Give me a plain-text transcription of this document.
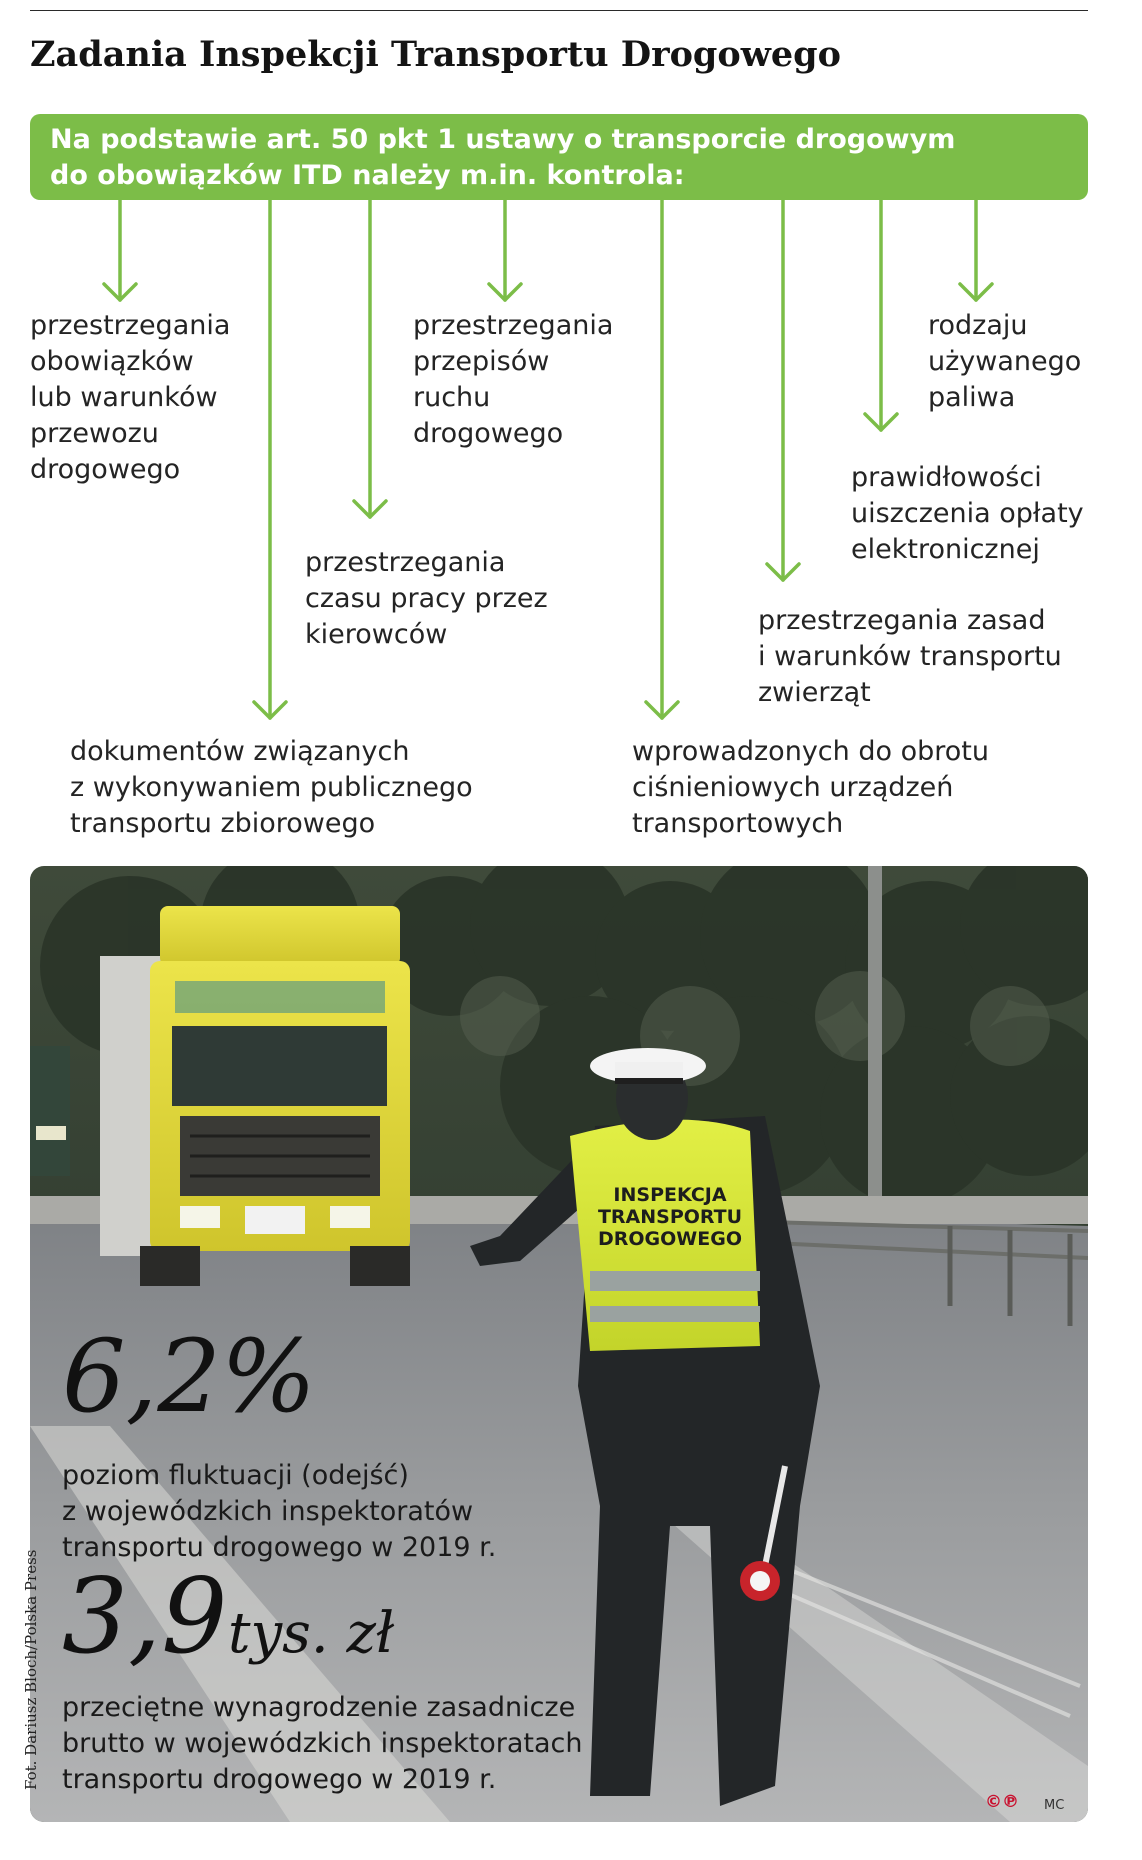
Zadania Inspekcji Transportu Drogowego
Na podstawie art. 50 pkt 1 ustawy o transporcie drogowym
do obowiązków ITD należy m.in. kontrola:
przestrzegania
obowiązków
lub warunków
przewozu
drogowego
dokumentów związanych
z wykonywaniem publicznego
transportu zbiorowego
przestrzegania
czasu pracy przez
kierowców
przestrzegania
przepisów
ruchu
drogowego
wprowadzonych do obrotu
ciśnieniowych urządzeń
transportowych
przestrzegania zasad
i warunków transportu
zwierząt
prawidłowości
uiszczenia opłaty
elektronicznej
rodzaju
używanego
paliwa
INSPEKCJA
TRANSPORTU
DROGOWEGO
6,2%
poziom fluktuacji (odejść)
z wojewódzkich inspektoratów
transportu drogowego w 2019 r.
3,9 tys. zł
przeciętne wynagrodzenie zasadnicze
brutto w wojewódzkich inspektoratach
transportu drogowego w 2019 r.
Fot. Dariusz Bloch/Polska Press
©℗ MC
